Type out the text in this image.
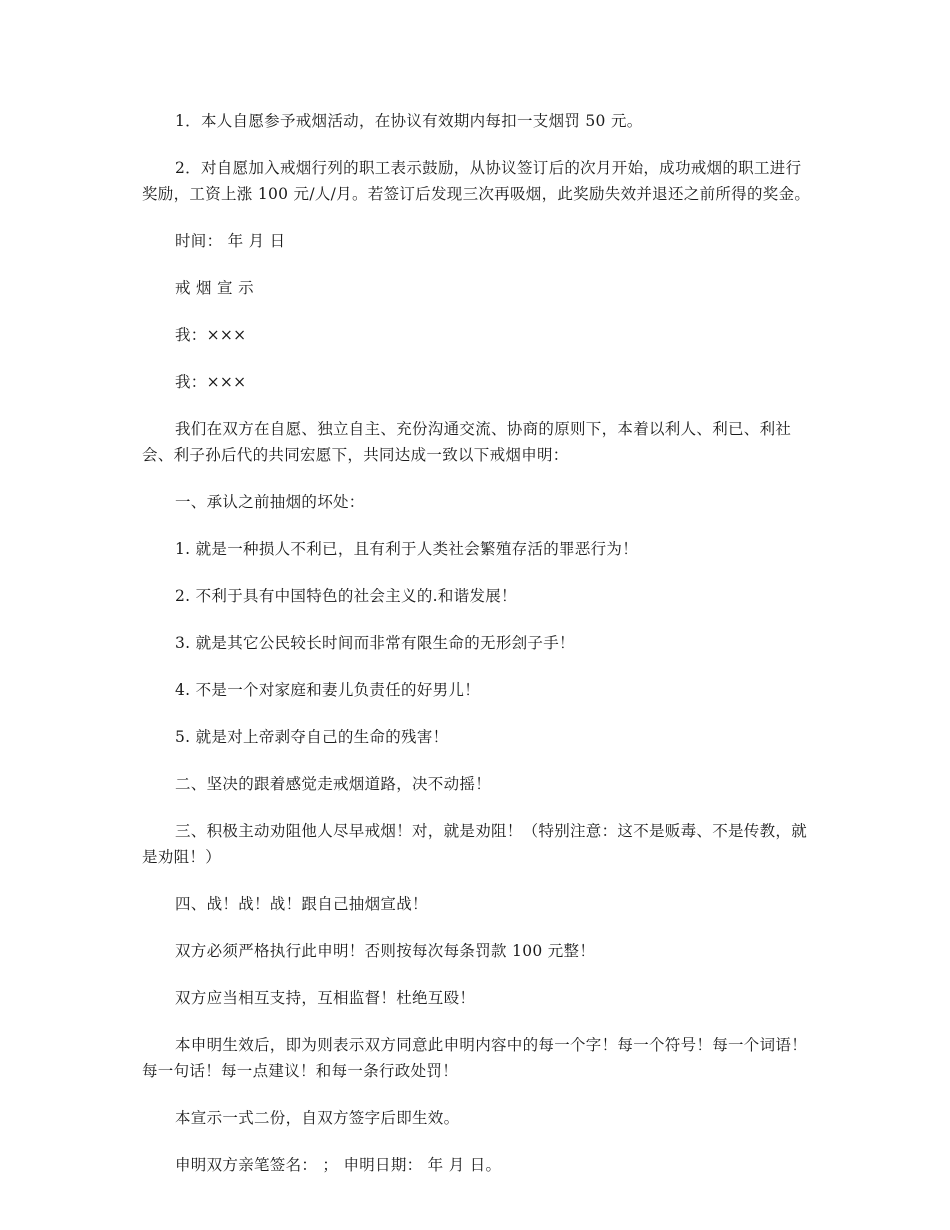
1．本人自愿参予戒烟活动，在协议有效期内每扣一支烟罚 50 元。

2．对自愿加入戒烟行列的职工表示鼓励，从协议签订后的次月开始，成功戒烟的职工进行奖励，工资上涨 100 元/人/月。若签订后发现三次再吸烟，此奖励失效并退还之前所得的奖金。

时间： 年 月 日

戒 烟 宣 示

我：×××

我：×××

我们在双方在自愿、独立自主、充份沟通交流、协商的原则下，本着以利人、利已、利社会、利子孙后代的共同宏愿下，共同达成一致以下戒烟申明：

一、承认之前抽烟的坏处：

1. 就是一种损人不利已，且有利于人类社会繁殖存活的罪恶行为！

2. 不利于具有中国特色的社会主义的.和谐发展！

3. 就是其它公民较长时间而非常有限生命的无形刽子手！

4. 不是一个对家庭和妻儿负责任的好男儿！

5. 就是对上帝剥夺自己的生命的残害！

二、坚决的跟着感觉走戒烟道路，决不动摇！

三、积极主动劝阻他人尽早戒烟！对，就是劝阻！（特别注意：这不是贩毒、不是传教，就是劝阻！）

四、战！战！战！跟自己抽烟宣战！

双方必须严格执行此申明！否则按每次每条罚款 100 元整！

双方应当相互支持，互相监督！杜绝互殴！

本申明生效后，即为则表示双方同意此申明内容中的每一个字！每一个符号！每一个词语！每一句话！每一点建议！和每一条行政处罚！

本宣示一式二份，自双方签字后即生效。

申明双方亲笔签名： ； 申明日期： 年 月 日。
